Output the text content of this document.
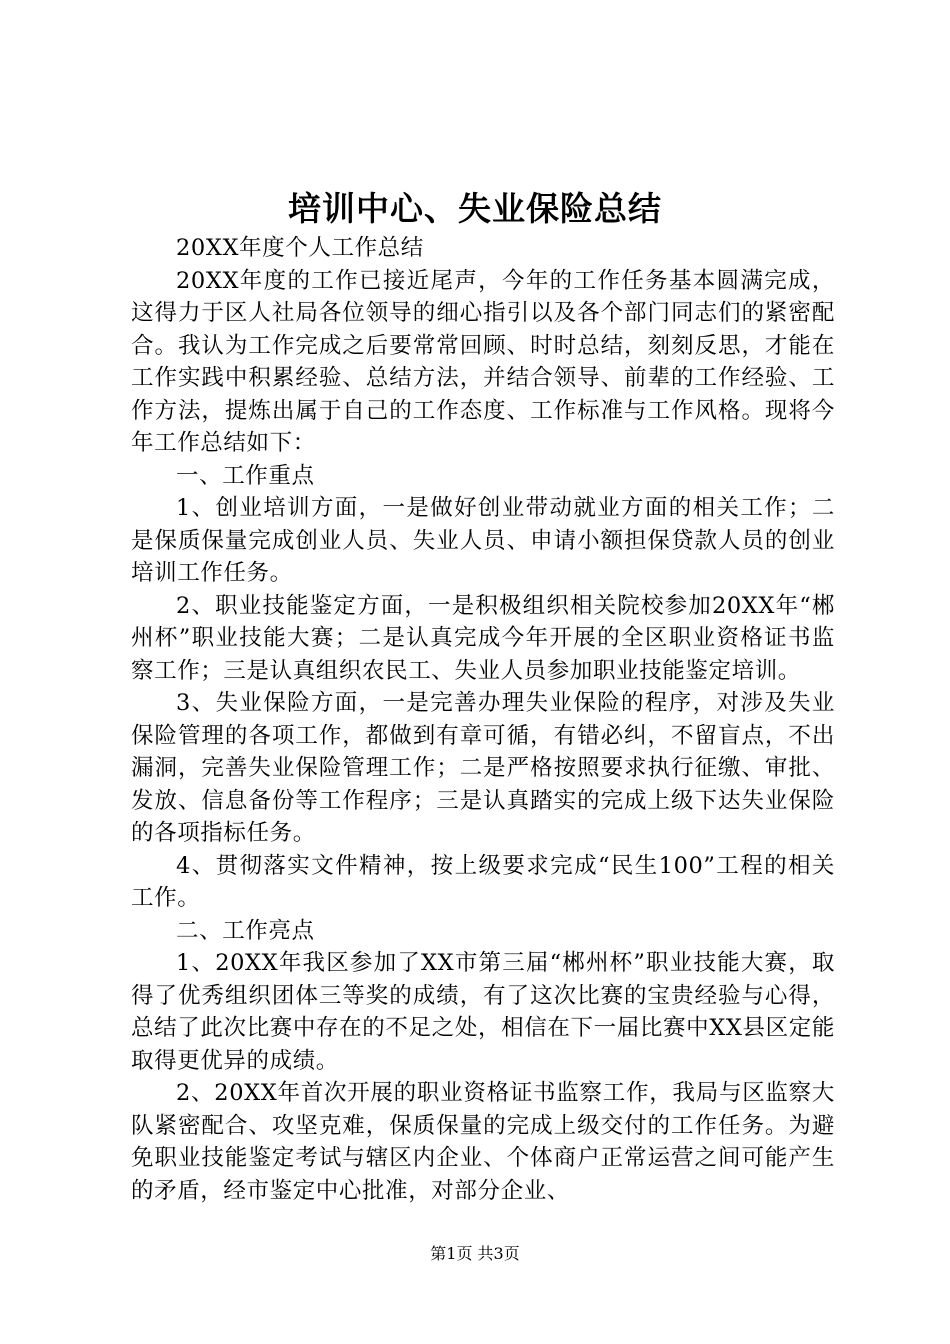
培训中心、失业保险总结

20XX年度个人工作总结

20XX年度的工作已接近尾声，今年的工作任务基本圆满完成，这得力于区人社局各位领导的细心指引以及各个部门同志们的紧密配合。我认为工作完成之后要常常回顾、时时总结，刻刻反思，才能在工作实践中积累经验、总结方法，并结合领导、前辈的工作经验、工作方法，提炼出属于自己的工作态度、工作标准与工作风格。现将今年工作总结如下：

一、工作重点

1、创业培训方面，一是做好创业带动就业方面的相关工作；二是保质保量完成创业人员、失业人员、申请小额担保贷款人员的创业培训工作任务。

2、职业技能鉴定方面，一是积极组织相关院校参加20XX年“郴州杯”职业技能大赛；二是认真完成今年开展的全区职业资格证书监察工作；三是认真组织农民工、失业人员参加职业技能鉴定培训。

3、失业保险方面，一是完善办理失业保险的程序，对涉及失业保险管理的各项工作，都做到有章可循，有错必纠，不留盲点，不出漏洞，完善失业保险管理工作；二是严格按照要求执行征缴、审批、发放、信息备份等工作程序；三是认真踏实的完成上级下达失业保险的各项指标任务。

4、贯彻落实文件精神，按上级要求完成“民生100”工程的相关工作。

二、工作亮点

1、20XX年我区参加了XX市第三届“郴州杯”职业技能大赛，取得了优秀组织团体三等奖的成绩，有了这次比赛的宝贵经验与心得，总结了此次比赛中存在的不足之处，相信在下一届比赛中XX县区定能取得更优异的成绩。

2、20XX年首次开展的职业资格证书监察工作，我局与区监察大队紧密配合、攻坚克难，保质保量的完成上级交付的工作任务。为避免职业技能鉴定考试与辖区内企业、个体商户正常运营之间可能产生的矛盾，经市鉴定中心批准，对部分企业、

第1页 共3页
